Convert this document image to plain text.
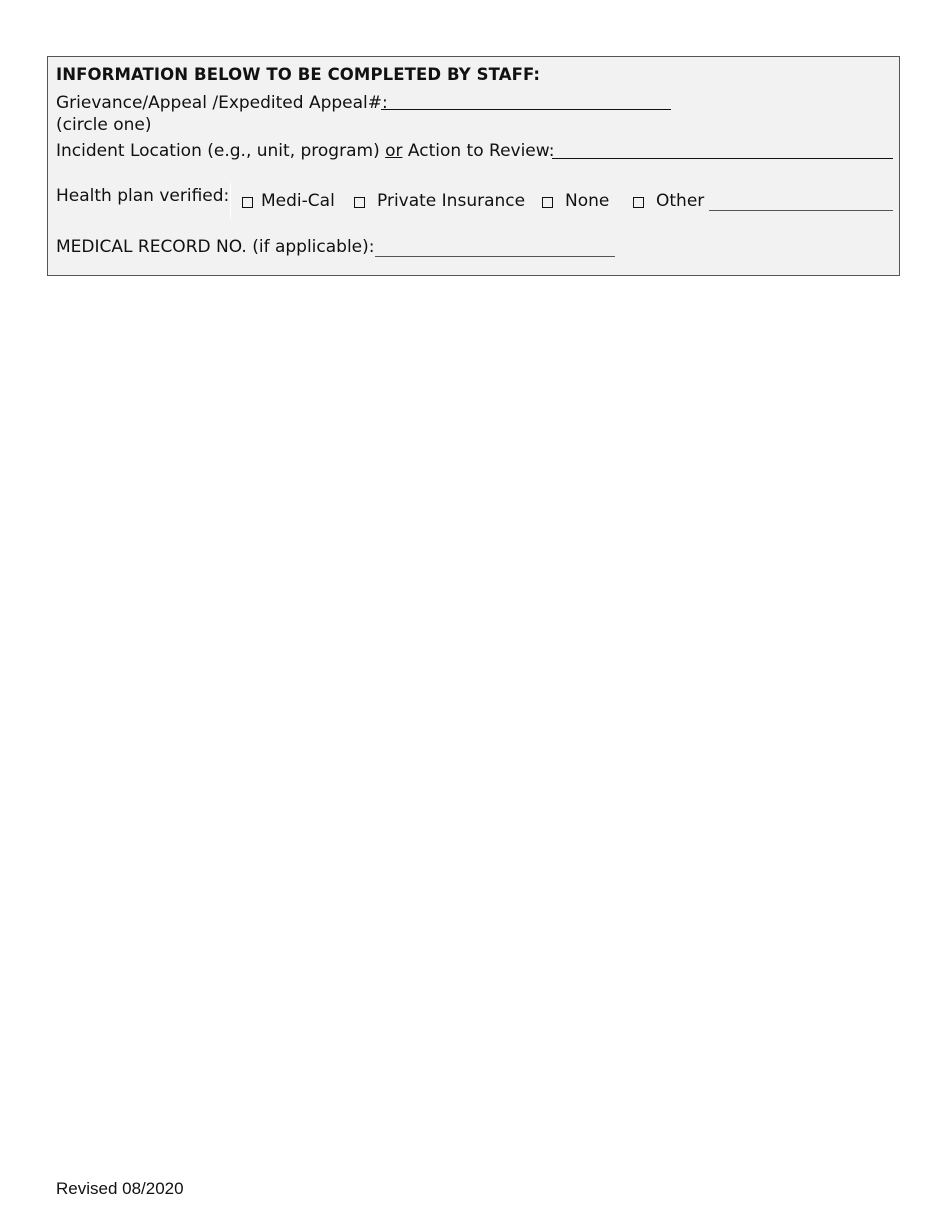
INFORMATION BELOW TO BE COMPLETED BY STAFF:
Grievance/Appeal /Expedited Appeal#:
(circle one)
Incident Location (e.g., unit, program) or Action to Review:
Health plan verified: Medi-Cal Private Insurance None	Other
MEDICAL RECORD NO. (if applicable):
Revised 08/2020
